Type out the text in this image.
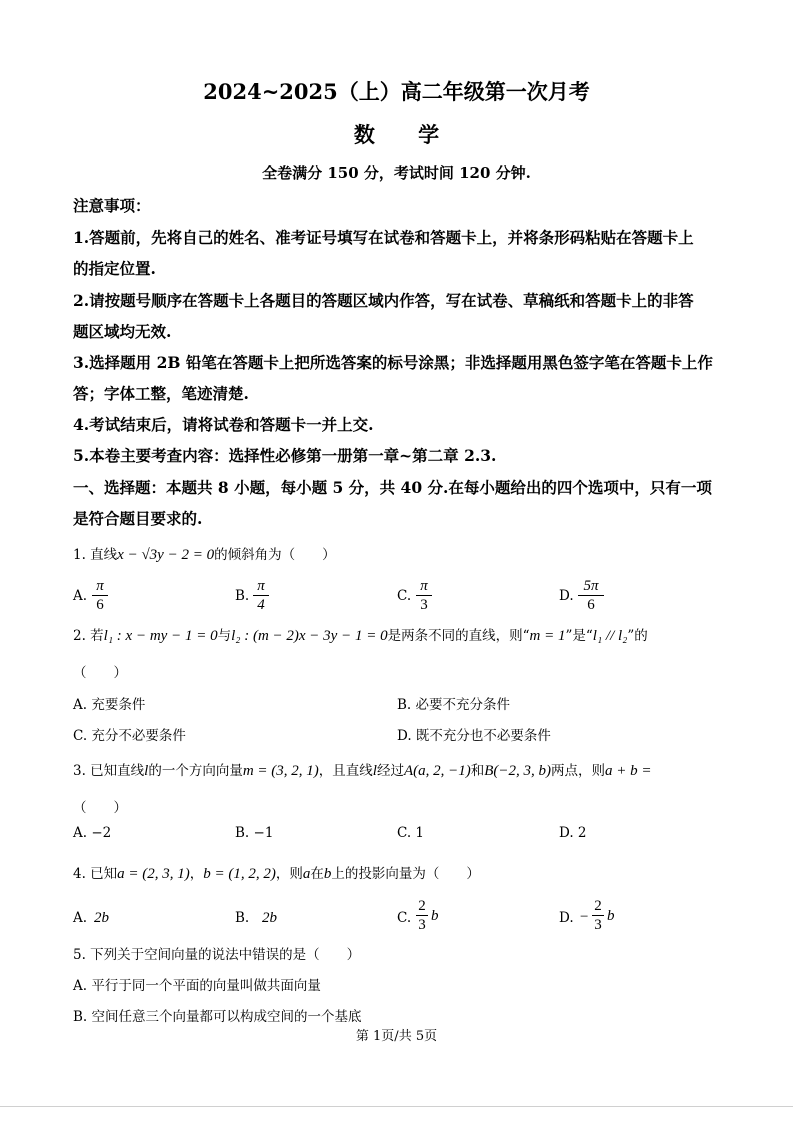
2024~2025（上）高二年级第一次月考
数 学
全卷满分 150 分，考试时间 120 分钟.
注意事项：
1.答题前，先将自己的姓名、准考证号填写在试卷和答题卡上，并将条形码粘贴在答题卡上
的指定位置.
2.请按题号顺序在答题卡上各题目的答题区域内作答，写在试卷、草稿纸和答题卡上的非答
题区域均无效.
3.选择题用 2B 铅笔在答题卡上把所选答案的标号涂黑；非选择题用黑色签字笔在答题卡上作
答；字体工整，笔迹清楚.
4.考试结束后，请将试卷和答题卡一并上交.
5.本卷主要考查内容：选择性必修第一册第一章~第二章 2.3.
一、选择题：本题共 8 小题，每小题 5 分，共 40 分.在每小题给出的四个选项中，只有一项
是符合题目要求的.
1. 直线x − √3y − 2 = 0的倾斜角为（　　）
A. $\frac{\pi}{6}$	B. $\frac{\pi}{4}$	C. $\frac{\pi}{3}$	D. $\frac{5\pi}{6}$
2. 若l₁ : x − my − 1 = 0与l₂ : (m − 2)x − 3y − 1 = 0是两条不同的直线，则“m = 1”是“l₁ // l₂”的
（　　）
A. 充要条件	B. 必要不充分条件
C. 充分不必要条件	D. 既不充分也不必要条件
3. 已知直线l的一个方向向量m = (3, 2, 1)，且直线l经过A(a, 2, −1)和B(−2, 3, b)两点，则a + b =
（　　）
A. −2	B. −1	C. 1	D. 2
4. 已知a = (2, 3, 1)，b = (1, 2, 2)，则a在b上的投影向量为（　　）
A. 2b	B. 2b	C. $\frac{2}{3}$ b	D. − $\frac{2}{3}$ b
5. 下列关于空间向量的说法中错误的是（　　）
A. 平行于同一个平面的向量叫做共面向量
B. 空间任意三个向量都可以构成空间的一个基底
第 1页/共 5页
